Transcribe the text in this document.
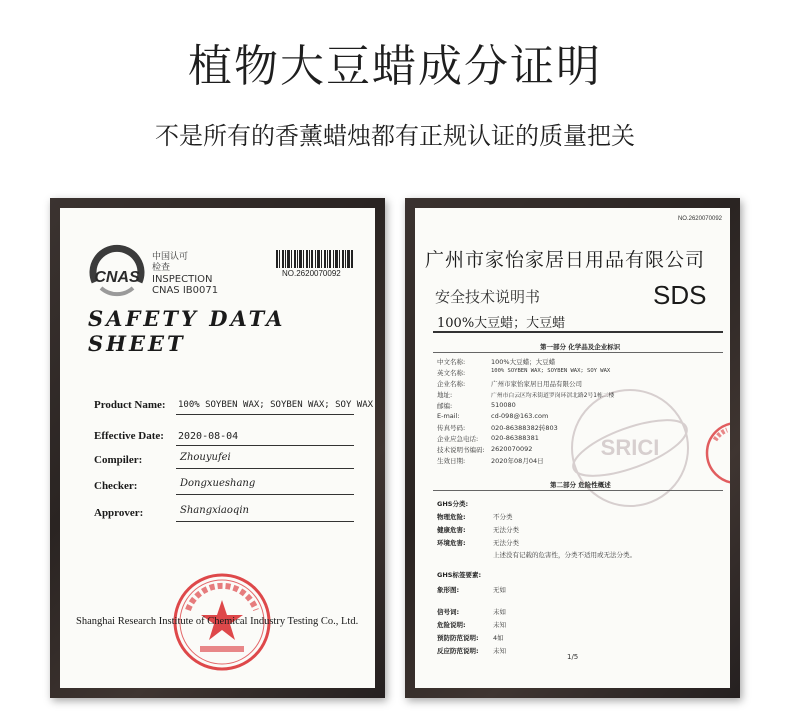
植物大豆蜡成分证明
不是所有的香薰蜡烛都有正规认证的质量把关
CNAS
中国认可
检查
INSPECTION
CNAS IB0071
NO.2620070092
SAFETY DATA SHEET
Product Name: 100% SOYBEN WAX; SOYBEN WAX; SOY WAX
Effective Date: 2020-08-04
Compiler:	Zhouyufei
Checker:	Dongxueshang
Approver:	Shangxiaoqin
Shanghai Research Institute of Chemical Industry Testing Co., Ltd.
NO.2620070092
广州市家怡家居日用品有限公司
安全技术说明书	SDS
100%大豆蜡；大豆蜡
SRICI
第一部分 化学品及企业标识
中文名称:	100%大豆蜡；大豆蜡
英文名称:	100% SOYBEN WAX; SOYBEN WAX; SOY WAX
企业名称:	广州市家怡家居日用品有限公司
地址:	广州市白云区均禾街道罗岗环滘北路2号1栋二楼
邮编:	510080
E-mail:	cd-098@163.com
传真号码:	020-86388382转803
企业应急电话: 020-86388381
技术说明书编码: 2620070092
生效日期:	2020年08月04日
第二部分 危险性概述
GHS分类:
物理危险:	不分类
健康危害:	无法分类
环境危害:	无法分类
上述没有记载的危害性，分类不适用或无法分类。
GHS标签要素:
象形图:	无如
信号词:	未如
危险说明:	未知
预防防范说明: 4如
反应防范说明: 未知
1/5
